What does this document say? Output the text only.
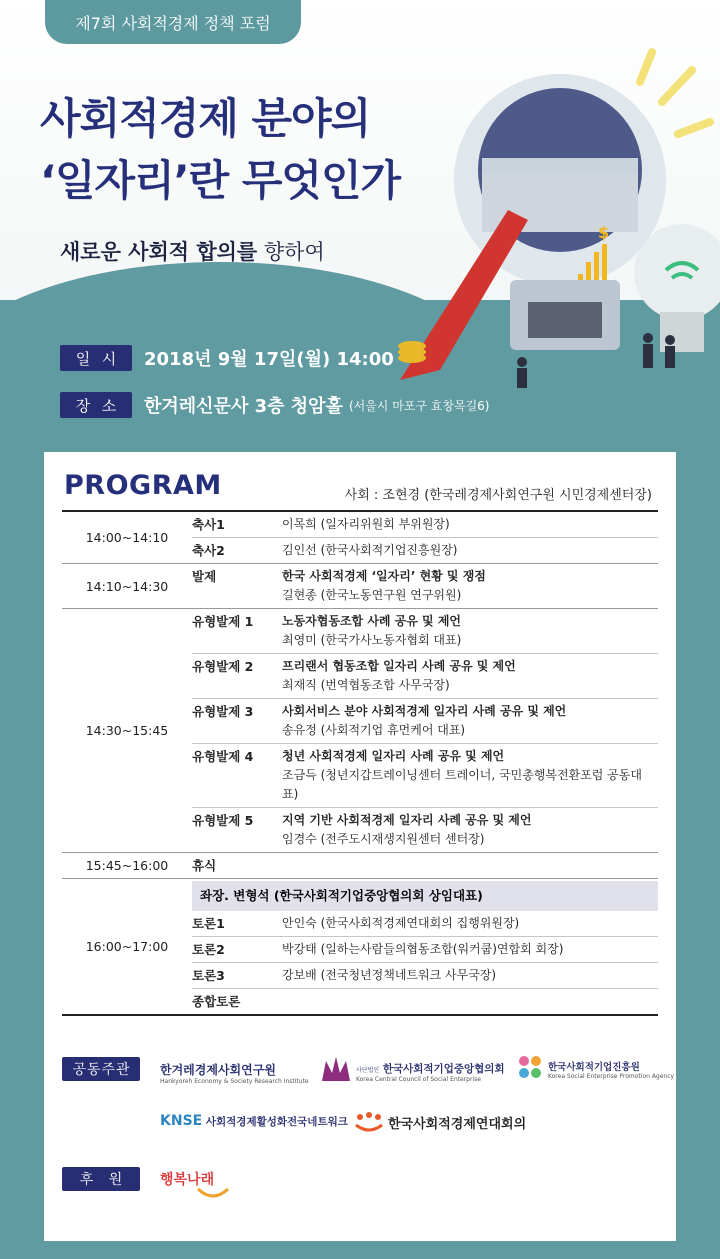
$
제7회 사회적경제 정책 포럼
사회적경제 분야의
‘일자리’란 무엇인가
새로운 사회적 합의를 향하여
일 시 2018년 9월 17일(월) 14:00
장 소 한겨레신문사 3층 청암홀 (서울시 마포구 효창목길6)
PROGRAM	사회 : 조현경 (한국레경제사회연구원 시민경제센터장)
14:00~14:10
축사1	이목희 (일자리위원회 부위원장)
축사2	김인선 (한국사회적기업진흥원장)
14:10~14:30
발제	한국 사회적경제 ‘일자리’ 현황 및 쟁점
길현종 (한국노동연구원 연구위원)
14:30~15:45
유형발제 1	노동자협동조합 사례 공유 및 제언
최영미 (한국가사노동자협회 대표)
유형발제 2	프리랜서 협동조합 일자리 사례 공유 및 제언
최재직 (번역협동조합 사무국장)
유형발제 3	사회서비스 분야 사회적경제 일자리 사례 공유 및 제언
송유정 (사회적기업 휴먼케어 대표)
유형발제 4	청년 사회적경제 일자리 사례 공유 및 제언
조금득 (청년지갑트레이닝센터 트레이너, 국민총행복전환포럼 공동대표)
유형발제 5	지역 기반 사회적경제 일자리 사례 공유 및 제언
임경수 (전주도시재생지원센터 센터장)
15:45~16:00	휴식
16:00~17:00
좌장. 변형석 (한국사회적기업중앙협의회 상임대표)
토론1	안인숙 (한국사회적경제연대회의 집행위원장)
토론2	박강태 (일하는사람들의협동조합(워커쿱)연합회 회장)
토론3	강보배 (전국청년정책네트워크 사무국장)
종합토론
공 동 주 관	한겨레경제사회연구원
Hankyoreh Economy & Society Research Institute
사단법인 한국사회적기업중앙협의회
Korea Central Council of Social Enterprise
한국사회적기업진흥원
Korea Social Enterprise Promotion Agency
KNSE 사회적경제활성화전국네트워크	한국사회적경제연대회의
후 원	행복나래
